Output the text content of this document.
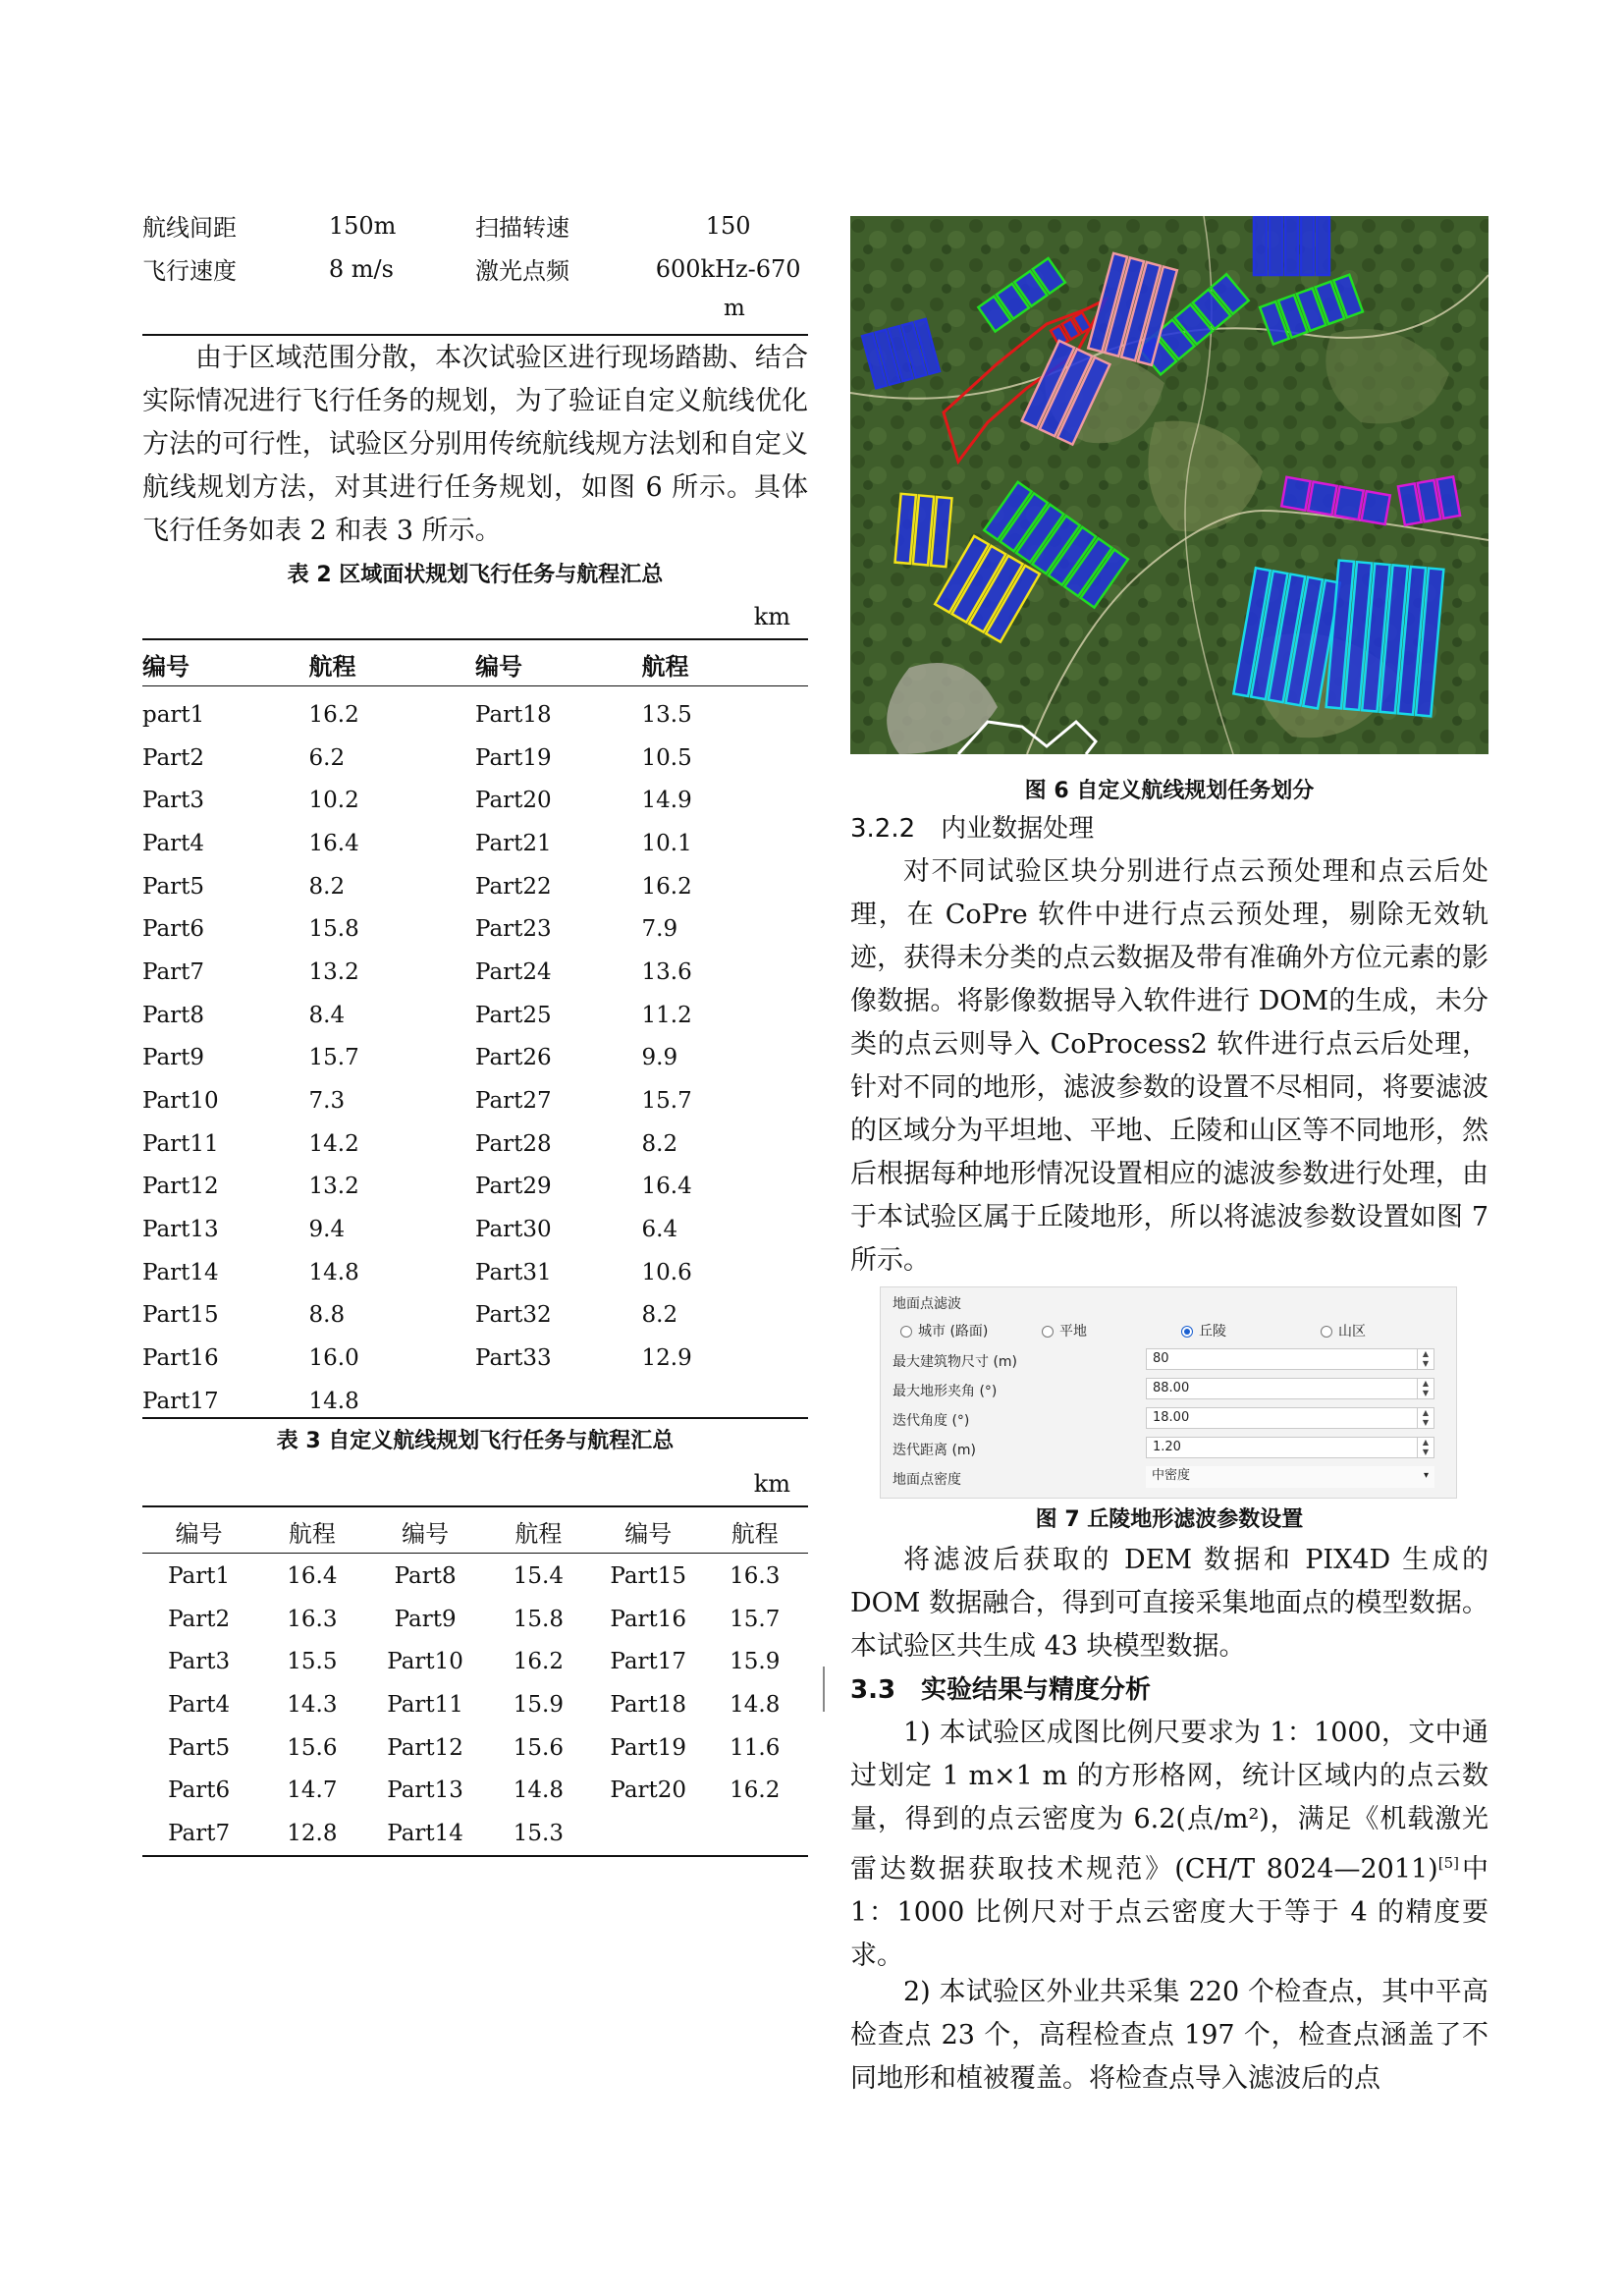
航线间距	150m	扫描转速	150
飞行速度	8 m/s	激光点频	600kHz-670
m

由于区域范围分散，本次试验区进行现场踏勘、结合实际情况进行飞行任务的规划，为了验证自定义航线优化方法的可行性，试验区分别用传统航线规方法划和自定义航线规划方法，对其进行任务规划，如图 6 所示。具体飞行任务如表 2 和表 3 所示。

表 2 区域面状规划飞行任务与航程汇总
km
编号	航程	编号	航程
part1	16.2	Part18	13.5
Part2	6.2	Part19	10.5
Part3	10.2	Part20	14.9
Part4	16.4	Part21	10.1
Part5	8.2	Part22	16.2
Part6	15.8	Part23	7.9
Part7	13.2	Part24	13.6
Part8	8.4	Part25	11.2
Part9	15.7	Part26	9.9
Part10	7.3	Part27	15.7
Part11	14.2	Part28	8.2
Part12	13.2	Part29	16.4
Part13	9.4	Part30	6.4
Part14	14.8	Part31	10.6
Part15	8.8	Part32	8.2
Part16	16.0	Part33	12.9
Part17	14.8		
表 3 自定义航线规划飞行任务与航程汇总
km
编号	航程	编号	航程	编号	航程
Part1	16.4	Part8	15.4	Part15	16.3
Part2	16.3	Part9	15.8	Part16	15.7
Part3	15.5	Part10	16.2	Part17	15.9
Part4	14.3	Part11	15.9	Part18	14.8
Part5	15.6	Part12	15.6	Part19	11.6
Part6	14.7	Part13	14.8	Part20	16.2
Part7	12.8	Part14	15.3		
图 6 自定义航线规划任务划分
3.2.2　内业数据处理

对不同试验区块分别进行点云预处理和点云后处理，在 CoPre 软件中进行点云预处理，剔除无效轨迹，获得未分类的点云数据及带有准确外方位元素的影像数据。将影像数据导入软件进行 DOM的生成，未分类的点云则导入 CoProcess2 软件进行点云后处理，针对不同的地形，滤波参数的设置不尽相同，将要滤波的区域分为平坦地、平地、丘陵和山区等不同地形，然后根据每种地形情况设置相应的滤波参数进行处理，由于本试验区属于丘陵地形，所以将滤波参数设置如图 7 所示。

地面点滤波
城市 (路面)	平地	丘陵	山区
最大建筑物尺寸 (m)	80	▲
▼
最大地形夹角 (°)	88.00	▲
▼
迭代角度 (°)	18.00	▲
▼
迭代距离 (m)	1.20	▲
▼
地面点密度	中密度	▾
图 7 丘陵地形滤波参数设置

将滤波后获取的 DEM 数据和 PIX4D 生成的 DOM 数据融合，得到可直接采集地面点的模型数据。本试验区共生成 43 块模型数据。

3.3　实验结果与精度分析

1) 本试验区成图比例尺要求为 1：1000，文中通过划定 1 m×1 m 的方形格网，统计区域内的点云数量，得到的点云密度为 6.2(点/m²)，满足《机载激光雷达数据获取技术规范》(CH/T 8024—2011)[5]中 1：1000 比例尺对于点云密度大于等于 4 的精度要求。

2) 本试验区外业共采集 220 个检查点，其中平高检查点 23 个，高程检查点 197 个，检查点涵盖了不同地形和植被覆盖。将检查点导入滤波后的点
